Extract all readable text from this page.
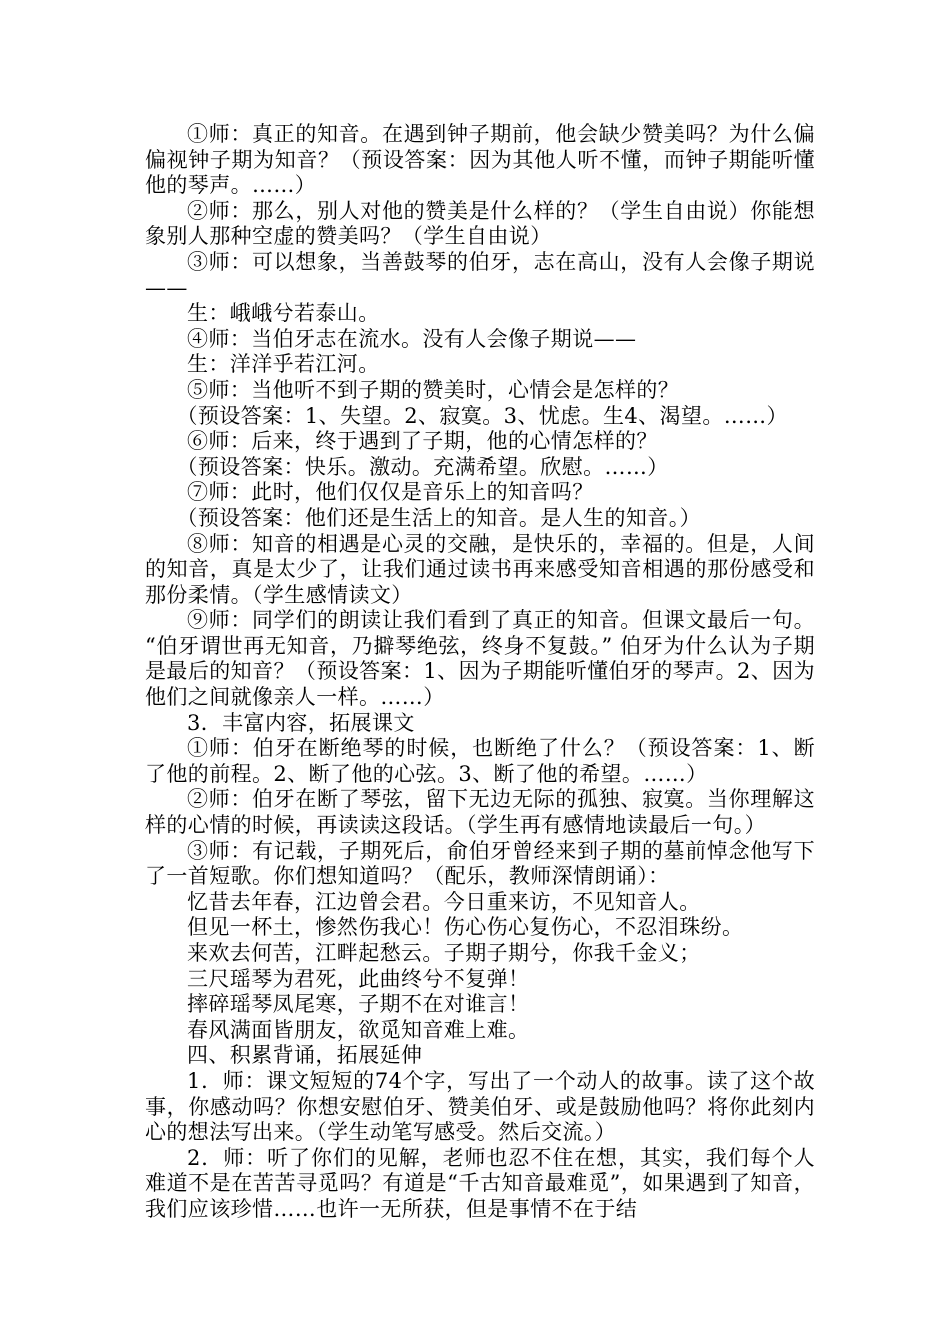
①师：真正的知音。在遇到钟子期前，他会缺少赞美吗？为什么偏偏视钟子期为知音？（预设答案：因为其他人听不懂，而钟子期能听懂他的琴声。……）

②师：那么，别人对他的赞美是什么样的？（学生自由说）你能想象别人那种空虚的赞美吗？（学生自由说）

③师：可以想象，当善鼓琴的伯牙，志在高山，没有人会像子期说——

生：峨峨兮若泰山。

④师：当伯牙志在流水。没有人会像子期说——

生：洋洋乎若江河。

⑤师：当他听不到子期的赞美时，心情会是怎样的？

（预设答案：1、失望。2、寂寞。3、忧虑。生4、渴望。……）

⑥师：后来，终于遇到了子期，他的心情怎样的？

（预设答案：快乐。激动。充满希望。欣慰。……）

⑦师：此时，他们仅仅是音乐上的知音吗？

（预设答案：他们还是生活上的知音。是人生的知音。）

⑧师：知音的相遇是心灵的交融，是快乐的，幸福的。但是，人间的知音，真是太少了，让我们通过读书再来感受知音相遇的那份感受和那份柔情。（学生感情读文）

⑨师：同学们的朗读让我们看到了真正的知音。但课文最后一句。“伯牙谓世再无知音，乃擗琴绝弦，终身不复鼓。” 伯牙为什么认为子期是最后的知音？（预设答案：1、因为子期能听懂伯牙的琴声。2、因为他们之间就像亲人一样。……）

3．丰富内容，拓展课文

①师：伯牙在断绝琴的时候，也断绝了什么？（预设答案：1、断了他的前程。2、断了他的心弦。3、断了他的希望。……）

②师：伯牙在断了琴弦，留下无边无际的孤独、寂寞。当你理解这样的心情的时候，再读读这段话。（学生再有感情地读最后一句。）

③师：有记载，子期死后，俞伯牙曾经来到子期的墓前悼念他写下了一首短歌。你们想知道吗？（配乐，教师深情朗诵）：

忆昔去年春，江边曾会君。今日重来访，不见知音人。

但见一杯土，惨然伤我心！伤心伤心复伤心，不忍泪珠纷。

来欢去何苦，江畔起愁云。子期子期兮，你我千金义；

三尺瑶琴为君死，此曲终兮不复弹！

摔碎瑶琴凤尾寒，子期不在对谁言！

春风满面皆朋友，欲觅知音难上难。

四、积累背诵，拓展延伸

1．师：课文短短的74个字，写出了一个动人的故事。读了这个故事，你感动吗？你想安慰伯牙、赞美伯牙、或是鼓励他吗？将你此刻内心的想法写出来。（学生动笔写感受。然后交流。）

2．师：听了你们的见解，老师也忍不住在想，其实，我们每个人难道不是在苦苦寻觅吗？有道是“千古知音最难觅”，如果遇到了知音，我们应该珍惜……也许一无所获，但是事情不在于结
